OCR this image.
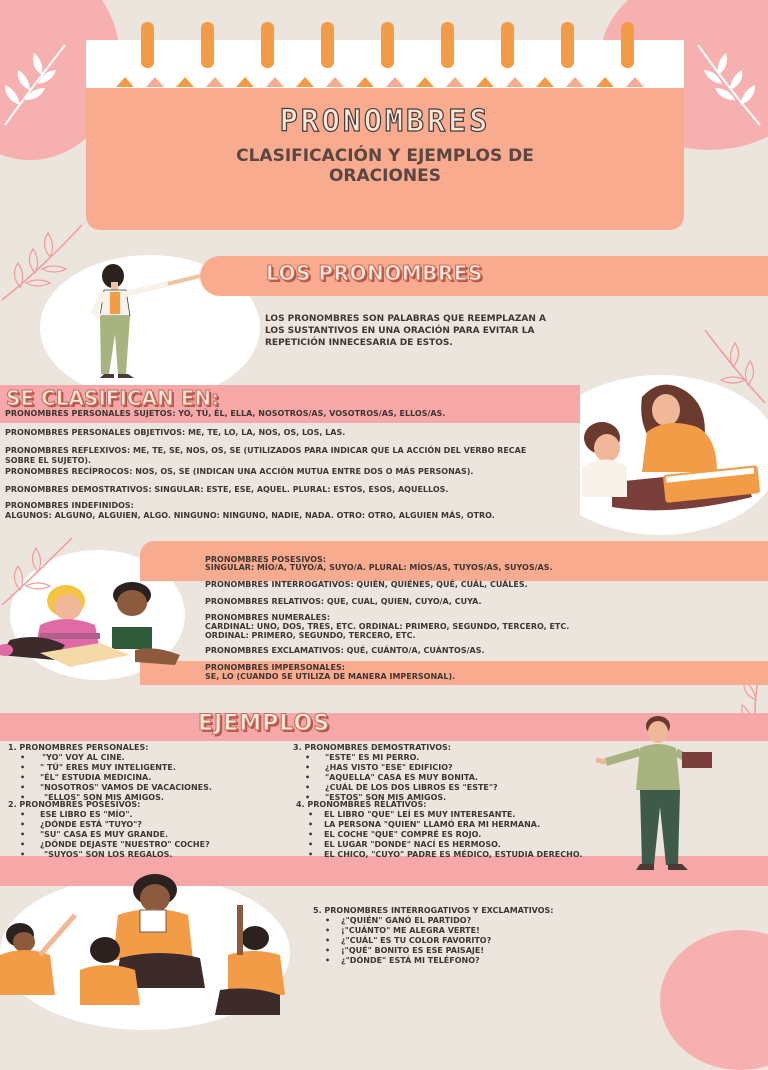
PRONOMBRES
CLASIFICACIÓN Y EJEMPLOS DE
ORACIONES
LOS PRONOMBRES
LOS PRONOMBRES SON PALABRAS QUE REEMPLAZAN A
LOS SUSTANTIVOS EN UNA ORACIÓN PARA EVITAR LA
REPETICIÓN INNECESARIA DE ESTOS.
SE CLASIFICAN EN:
PRONOMBRES PERSONALES SUJETOS: YO, TÚ, ÉL, ELLA, NOSOTROS/AS, VOSOTROS/AS, ELLOS/AS.
PRONOMBRES PERSONALES OBJETIVOS: ME, TE, LO, LA, NOS, OS, LOS, LAS.
PRONOMBRES REFLEXIVOS: ME, TE, SE, NOS, OS, SE (UTILIZADOS PARA INDICAR QUE LA ACCIÓN DEL VERBO RECAE
SOBRE EL SUJETO).
PRONOMBRES RECÍPROCOS: NOS, OS, SE (INDICAN UNA ACCIÓN MUTUA ENTRE DOS O MÁS PERSONAS).
PRONOMBRES DEMOSTRATIVOS: SINGULAR: ESTE, ESE, AQUEL. PLURAL: ESTOS, ESOS, AQUELLOS.
PRONOMBRES INDEFINIDOS:
ALGUNOS: ALGUNO, ALGUIEN, ALGO. NINGUNO: NINGUNO, NADIE, NADA. OTRO: OTRO, ALGUIEN MÁS, OTRO.
PRONOMBRES POSESIVOS:
SINGULAR: MÍO/A, TUYO/A, SUYO/A. PLURAL: MÍOS/AS, TUYOS/AS, SUYOS/AS.
PRONOMBRES INTERROGATIVOS: QUIÉN, QUIÉNES, QUÉ, CUÁL, CUÁLES.
PRONOMBRES RELATIVOS: QUE, CUAL, QUIEN, CUYO/A, CUYA.
PRONOMBRES NUMERALES:
CARDINAL: UNO, DOS, TRES, ETC. ORDINAL: PRIMERO, SEGUNDO, TERCERO, ETC.
ORDINAL: PRIMERO, SEGUNDO, TERCERO, ETC.
PRONOMBRES EXCLAMATIVOS: QUÉ, CUÁNTO/A, CUÁNTOS/AS.
PRONOMBRES IMPERSONALES:
SE, LO (CUANDO SE UTILIZA DE MANERA IMPERSONAL).
EJEMPLOS
1. PRONOMBRES PERSONALES:
• "YO" VOY AL CINE.
• " TÚ" ERES MUY INTELIGENTE.
• "ÉL" ESTUDIA MEDICINA.
• "NOSOTROS" VAMOS DE VACACIONES.
• "ELLOS" SON MIS AMIGOS.
2. PRONOMBRES POSESIVOS:
• ESE LIBRO ES "MÍO".
• ¿DÓNDE ESTÁ "TUYO"?
• "SU" CASA ES MUY GRANDE.
• ¿DÓNDE DEJASTE "NUESTRO" COCHE?
• "SUYOS" SON LOS REGALOS.
3. PRONOMBRES DEMOSTRATIVOS:
• "ESTE" ES MI PERRO.
• ¿HAS VISTO "ESE" EDIFICIO?
• "AQUELLA" CASA ES MUY BONITA.
• ¿CUÁL DE LOS DOS LIBROS ES "ESTE"?
• "ESTOS" SON MIS AMIGOS.
4. PRONOMBRES RELATIVOS:
• EL LIBRO "QUE" LEÍ ES MUY INTERESANTE.
• LA PERSONA "QUIEN" LLAMÓ ERA MI HERMANA.
• EL COCHE "QUE" COMPRÉ ES ROJO.
• EL LUGAR "DONDE" NACÍ ES HERMOSO.
• EL CHICO, "CUYO" PADRE ES MÉDICO, ESTUDIA DERECHO.
5. PRONOMBRES INTERROGATIVOS Y EXCLAMATIVOS:
• ¿"QUIÉN" GANÓ EL PARTIDO?
• ¡"CUÁNTO" ME ALEGRA VERTE!
• ¿"CUÁL" ES TU COLOR FAVORITO?
• ¡"QUÉ" BONITO ES ESE PAISAJE!
• ¿"DÓNDE" ESTÁ MI TELÉFONO?
